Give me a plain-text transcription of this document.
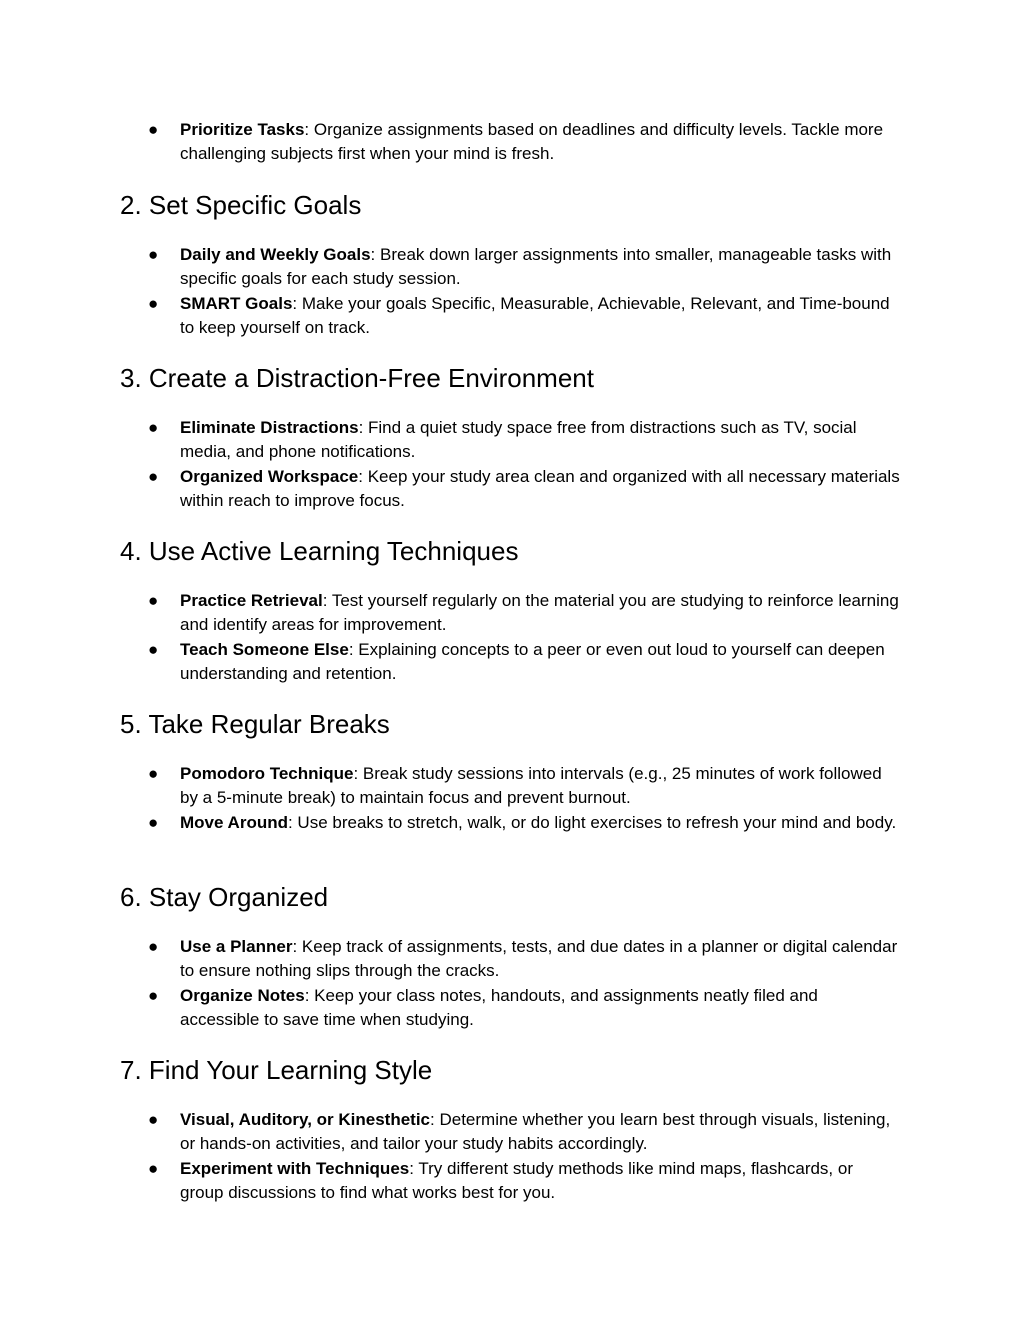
● Prioritize Tasks: Organize assignments based on deadlines and difficulty levels. Tackle more challenging subjects first when your mind is fresh.
2. Set Specific Goals
● Daily and Weekly Goals: Break down larger assignments into smaller, manageable tasks with specific goals for each study session.
● SMART Goals: Make your goals Specific, Measurable, Achievable, Relevant, and Time-bound to keep yourself on track.
3. Create a Distraction-Free Environment
● Eliminate Distractions: Find a quiet study space free from distractions such as TV, social media, and phone notifications.
● Organized Workspace: Keep your study area clean and organized with all necessary materials within reach to improve focus.
4. Use Active Learning Techniques
● Practice Retrieval: Test yourself regularly on the material you are studying to reinforce learning and identify areas for improvement.
● Teach Someone Else: Explaining concepts to a peer or even out loud to yourself can deepen understanding and retention.
5. Take Regular Breaks
● Pomodoro Technique: Break study sessions into intervals (e.g., 25 minutes of work followed by a 5-minute break) to maintain focus and prevent burnout.
● Move Around: Use breaks to stretch, walk, or do light exercises to refresh your mind and body.
6. Stay Organized
● Use a Planner: Keep track of assignments, tests, and due dates in a planner or digital calendar to ensure nothing slips through the cracks.
● Organize Notes: Keep your class notes, handouts, and assignments neatly filed and accessible to save time when studying.
7. Find Your Learning Style
● Visual, Auditory, or Kinesthetic: Determine whether you learn best through visuals, listening, or hands-on activities, and tailor your study habits accordingly.
● Experiment with Techniques: Try different study methods like mind maps, flashcards, or group discussions to find what works best for you.
